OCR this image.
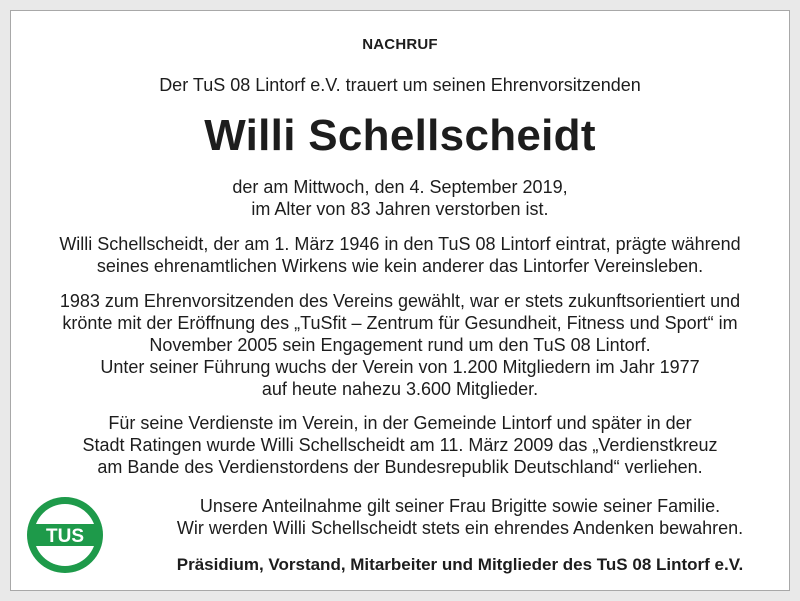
NACHRUF
Der TuS 08 Lintorf e.V. trauert um seinen Ehrenvorsitzenden
Willi Schellscheidt
der am Mittwoch, den 4. September 2019,
im Alter von 83 Jahren verstorben ist.
Willi Schellscheidt, der am 1. März 1946 in den TuS 08 Lintorf eintrat, prägte während
seines ehrenamtlichen Wirkens wie kein anderer das Lintorfer Vereinsleben.
1983 zum Ehrenvorsitzenden des Vereins gewählt, war er stets zukunftsorientiert und
krönte mit der Eröffnung des „TuSfit – Zentrum für Gesundheit, Fitness und Sport“ im
November 2005 sein Engagement rund um den TuS 08 Lintorf.
Unter seiner Führung wuchs der Verein von 1.200 Mitgliedern im Jahr 1977
auf heute nahezu 3.600 Mitglieder.
Für seine Verdienste im Verein, in der Gemeinde Lintorf und später in der
Stadt Ratingen wurde Willi Schellscheidt am 11. März 2009 das „Verdienstkreuz
am Bande des Verdienstordens der Bundesrepublik Deutschland“ verliehen.
Unsere Anteilnahme gilt seiner Frau Brigitte sowie seiner Familie.
Wir werden Willi Schellscheidt stets ein ehrendes Andenken bewahren.
Präsidium, Vorstand, Mitarbeiter und Mitglieder des TuS 08 Lintorf e.V.
TUS
LINTORF 1908
